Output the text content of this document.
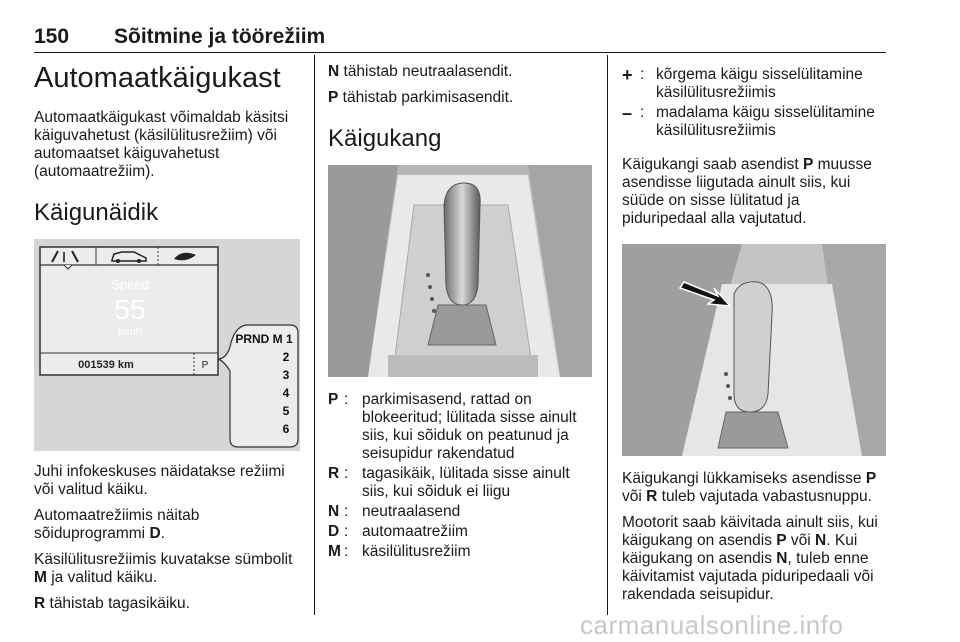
150 Sõitmine ja töörežiim
Automaatkäigukast

Automaatkäigukast võimaldab käsitsi käiguvahetust (käsilülitusrežiim) või automaatset käiguvahetust (automaatrežiim).

Käigunäidik
Speed
55
km/h
001539 km	P
PRND M 1
2
3
4
5
6

Juhi infokeskuses näidatakse režiimi või valitud käiku.

Automaatrežiimis näitab sõiduprogrammi D.

Käsilülitusrežiimis kuvatakse sümbolit M ja valitud käiku.

R tähistab tagasikäiku.

N tähistab neutraalasendit.

P tähistab parkimisasendit.

Käigukang
P : parkimisasend, rattad on blokeeritud; lülitada sisse ainult siis, kui sõiduk on peatunud ja seisupidur rakendatud
R : tagasikäik, lülitada sisse ainult siis, kui sõiduk ei liigu
N : neutraalasend
D : automaatrežiim
M : käsilülitusrežiim
+ : kõrgema käigu sisselülitamine käsilülitusrežiimis
– : madalama käigu sisselülitamine käsilülitusrežiimis

Käigukangi saab asendist P muusse asendisse liigutada ainult siis, kui süüde on sisse lülitatud ja piduripedaal alla vajutatud.

Käigukangi lükkamiseks asendisse P või R tuleb vajutada vabastusnuppu.

Mootorit saab käivitada ainult siis, kui käigukang on asendis P või N. Kui käigukang on asendis N, tuleb enne käivitamist vajutada piduripedaali või rakendada seisupidur.

carmanualsonline.info
